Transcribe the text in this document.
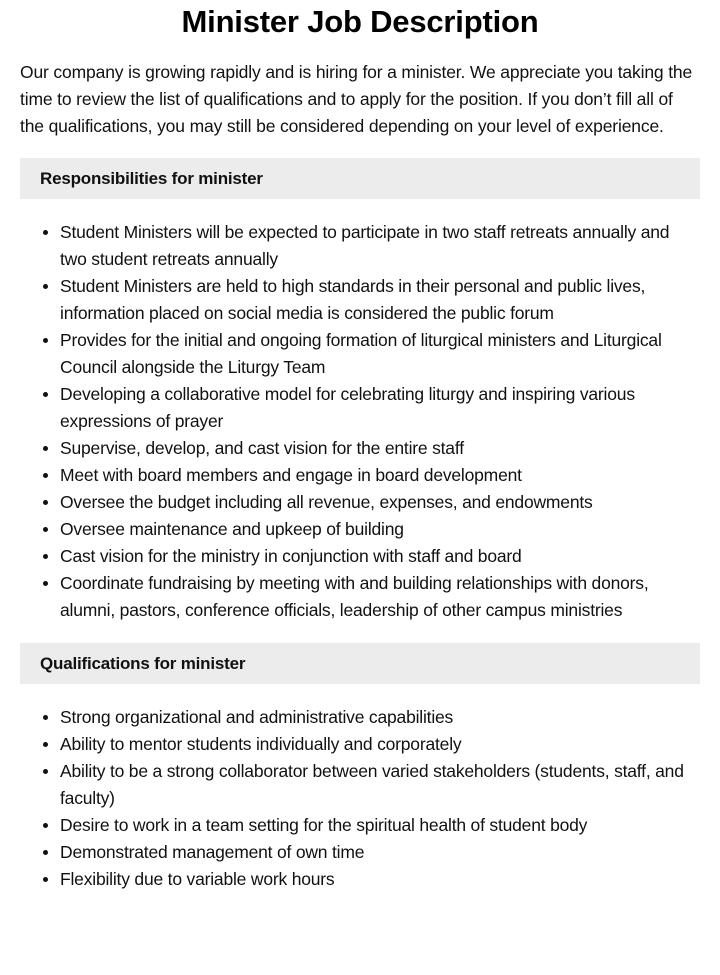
Minister Job Description

Our company is growing rapidly and is hiring for a minister. We appreciate you taking the time to review the list of qualifications and to apply for the position. If you don’t fill all of the qualifications, you may still be considered depending on your level of experience.

Responsibilities for minister
Student Ministers will be expected to participate in two staff retreats annually and two student retreats annually
Student Ministers are held to high standards in their personal and public lives, information placed on social media is considered the public forum
Provides for the initial and ongoing formation of liturgical ministers and Liturgical Council alongside the Liturgy Team
Developing a collaborative model for celebrating liturgy and inspiring various expressions of prayer
Supervise, develop, and cast vision for the entire staff
Meet with board members and engage in board development
Oversee the budget including all revenue, expenses, and endowments
Oversee maintenance and upkeep of building
Cast vision for the ministry in conjunction with staff and board
Coordinate fundraising by meeting with and building relationships with donors, alumni, pastors, conference officials, leadership of other campus ministries
Qualifications for minister
Strong organizational and administrative capabilities
Ability to mentor students individually and corporately
Ability to be a strong collaborator between varied stakeholders (students, staff, and faculty)
Desire to work in a team setting for the spiritual health of student body
Demonstrated management of own time
Flexibility due to variable work hours
